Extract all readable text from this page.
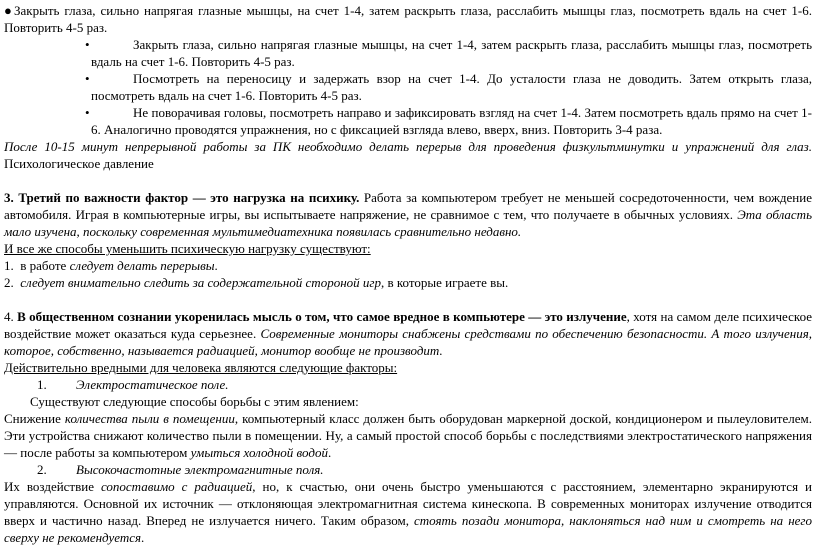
● Закрыть глаза, сильно напрягая глазные мышцы, на счет 1-4, затем раскрыть глаза, расслабить мышцы глаз, посмотреть вдаль на счет 1-6. Повторить 4-5 раз.

•	Закрыть глаза, сильно напрягая глазные мышцы, на счет 1-4, затем раскрыть глаза, расслабить мышцы глаз, посмотреть вдаль на счет 1-6. Повторить 4-5 раз.

•	Посмотреть на переносицу и задержать взор на счет 1-4. До усталости глаза не доводить. Затем открыть глаза, посмотреть вдаль на счет 1-6. Повторить 4-5 раз.

•	Не поворачивая головы, посмотреть направо и зафиксировать взгляд на счет 1-4. Затем посмотреть вдаль прямо на счет 1-6. Аналогично проводятся упражнения, но с фиксацией взгляда влево, вверх, вниз. Повторить 3-4 раза.

После 10-15 минут непрерывной работы за ПК необходимо делать перерыв для проведения физкультминутки и упражнений для глаз. Психологическое давление

3. Третий по важности фактор — это нагрузка на психику. Работа за компьютером требует не меньшей сосредоточенности, чем вождение автомобиля. Играя в компьютерные игры, вы испытываете напряжение, не сравнимое с тем, что получаете в обычных условиях. Эта область мало изучена, поскольку современная мультимедиатехника появилась сравнительно недавно.

И все же способы уменьшить психическую нагрузку существуют:

1. в работе следует делать перерывы.

2. следует внимательно следить за содержательной стороной игр, в которые играете вы.

4. В общественном сознании укоренилась мысль о том, что самое вредное в компьютере — это излучение, хотя на самом деле психическое воздействие может оказаться куда серьезнее. Современные мониторы снабжены средствами по обеспечению безопасности. А того излучения, которое, собственно, называется радиацией, монитор вообще не производит.

Действительно вредными для человека являются следующие факторы:

1. Электростатическое поле.

Существуют следующие способы борьбы с этим явлением:

Снижение количества пыли в помещении, компьютерный класс должен быть оборудован маркерной доской, кондиционером и пылеуловителем. Эти устройства снижают количество пыли в помещении. Ну, а самый простой способ борьбы с последствиями электростатического напряжения — после работы за компьютером умыться холодной водой.

2. Высокочастотные электромагнитные поля.

Их воздействие сопоставимо с радиацией, но, к счастью, они очень быстро уменьшаются с расстоянием, элементарно экранируются и управляются. Основной их источник — отклоняющая электромагнитная система кинескопа. В современных мониторах излучение отводится вверх и частично назад. Вперед не излучается ничего. Таким образом, стоять позади монитора, наклоняться над ним и смотреть на него сверху не рекомендуется.
